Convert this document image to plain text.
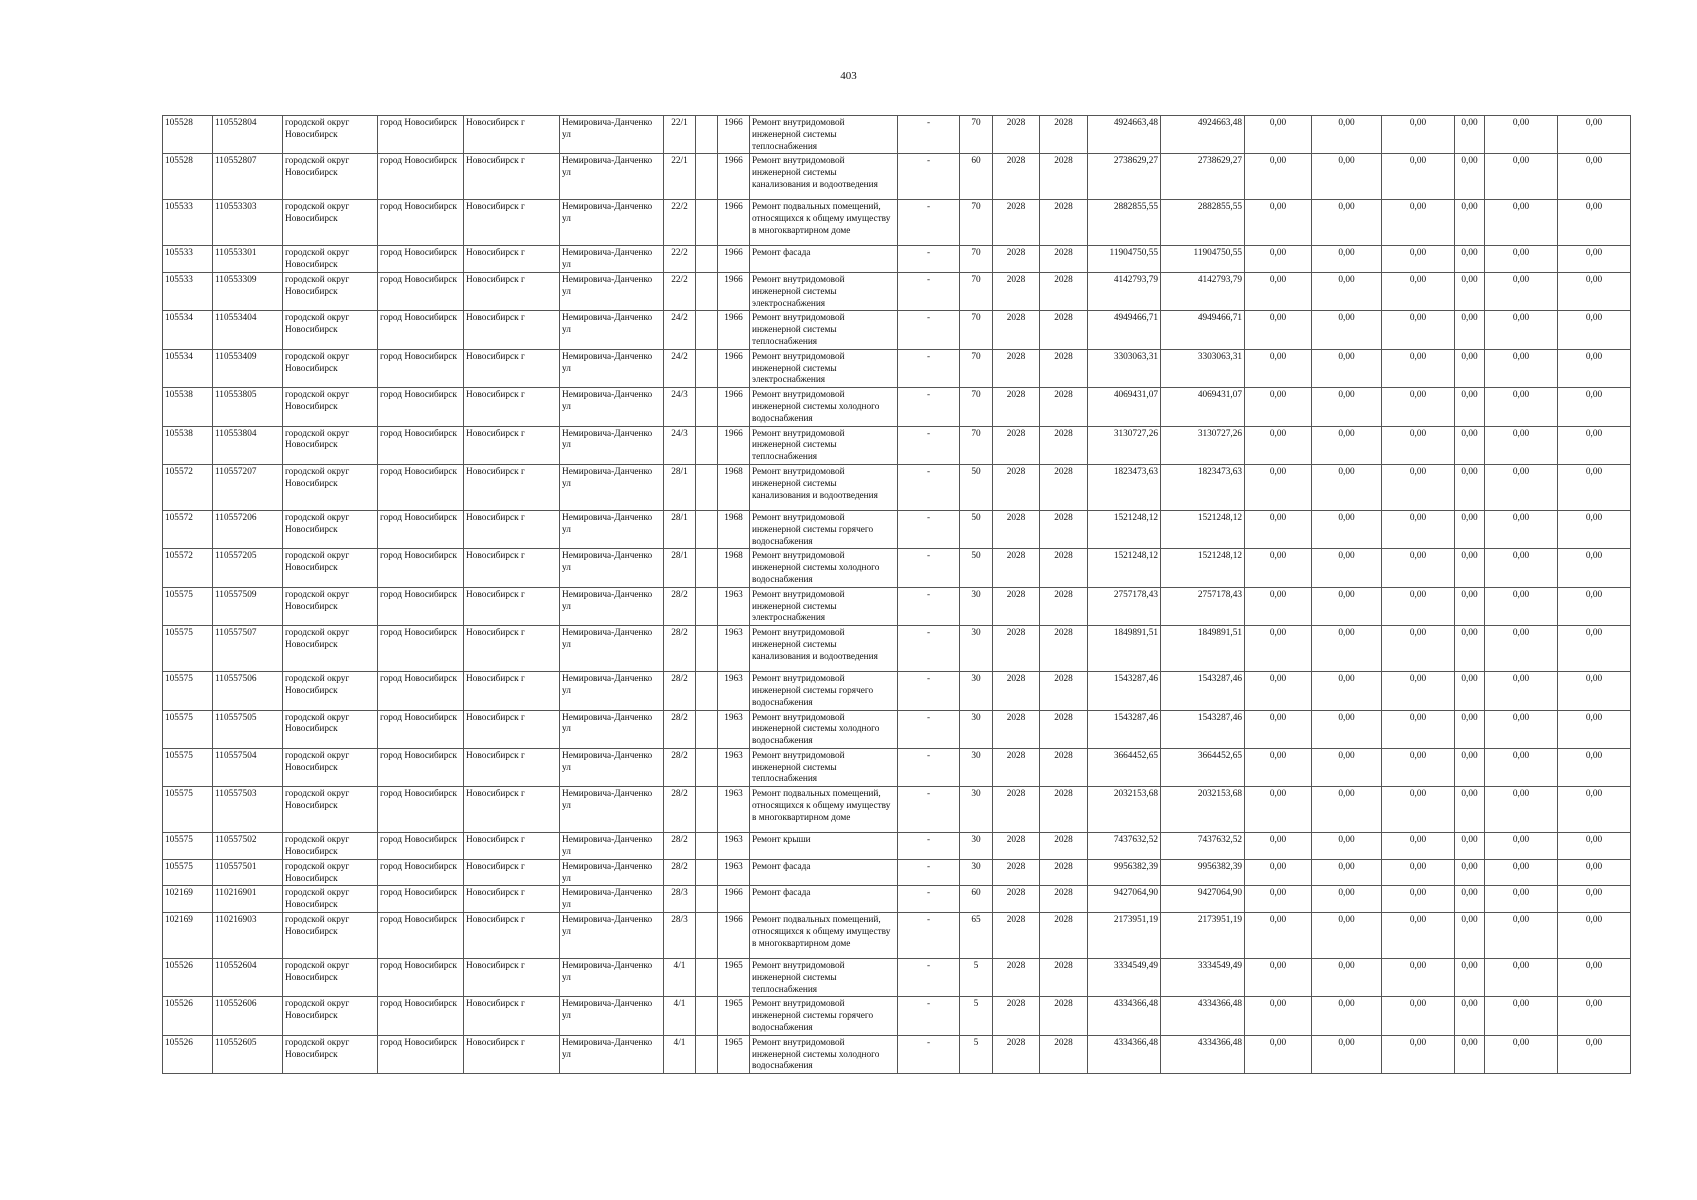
403
105528	110552804	городской округ Новосибирск	город Новосибирск	Новосибирск г	Немировича-Данченко ул	22/1		1966	Ремонт внутридомовой инженерной системы теплоснабжения	-	70	2028	2028	4924663,48	4924663,48	0,00	0,00	0,00	0,00	0,00	0,00
105528	110552807	городской округ Новосибирск	город Новосибирск	Новосибирск г	Немировича-Данченко ул	22/1		1966	Ремонт внутридомовой инженерной системы канализования и водоотведения	-	60	2028	2028	2738629,27	2738629,27	0,00	0,00	0,00	0,00	0,00	0,00
105533	110553303	городской округ Новосибирск	город Новосибирск	Новосибирск г	Немировича-Данченко ул	22/2		1966	Ремонт подвальных помещений, относящихся к общему имуществу в многоквартирном доме	-	70	2028	2028	2882855,55	2882855,55	0,00	0,00	0,00	0,00	0,00	0,00
105533	110553301	городской округ Новосибирск	город Новосибирск	Новосибирск г	Немировича-Данченко ул	22/2		1966	Ремонт фасада	-	70	2028	2028	11904750,55	11904750,55	0,00	0,00	0,00	0,00	0,00	0,00
105533	110553309	городской округ Новосибирск	город Новосибирск	Новосибирск г	Немировича-Данченко ул	22/2		1966	Ремонт внутридомовой инженерной системы электроснабжения	-	70	2028	2028	4142793,79	4142793,79	0,00	0,00	0,00	0,00	0,00	0,00
105534	110553404	городской округ Новосибирск	город Новосибирск	Новосибирск г	Немировича-Данченко ул	24/2		1966	Ремонт внутридомовой инженерной системы теплоснабжения	-	70	2028	2028	4949466,71	4949466,71	0,00	0,00	0,00	0,00	0,00	0,00
105534	110553409	городской округ Новосибирск	город Новосибирск	Новосибирск г	Немировича-Данченко ул	24/2		1966	Ремонт внутридомовой инженерной системы электроснабжения	-	70	2028	2028	3303063,31	3303063,31	0,00	0,00	0,00	0,00	0,00	0,00
105538	110553805	городской округ Новосибирск	город Новосибирск	Новосибирск г	Немировича-Данченко ул	24/3		1966	Ремонт внутридомовой инженерной системы холодного водоснабжения	-	70	2028	2028	4069431,07	4069431,07	0,00	0,00	0,00	0,00	0,00	0,00
105538	110553804	городской округ Новосибирск	город Новосибирск	Новосибирск г	Немировича-Данченко ул	24/3		1966	Ремонт внутридомовой инженерной системы теплоснабжения	-	70	2028	2028	3130727,26	3130727,26	0,00	0,00	0,00	0,00	0,00	0,00
105572	110557207	городской округ Новосибирск	город Новосибирск	Новосибирск г	Немировича-Данченко ул	28/1		1968	Ремонт внутридомовой инженерной системы канализования и водоотведения	-	50	2028	2028	1823473,63	1823473,63	0,00	0,00	0,00	0,00	0,00	0,00
105572	110557206	городской округ Новосибирск	город Новосибирск	Новосибирск г	Немировича-Данченко ул	28/1		1968	Ремонт внутридомовой инженерной системы горячего водоснабжения	-	50	2028	2028	1521248,12	1521248,12	0,00	0,00	0,00	0,00	0,00	0,00
105572	110557205	городской округ Новосибирск	город Новосибирск	Новосибирск г	Немировича-Данченко ул	28/1		1968	Ремонт внутридомовой инженерной системы холодного водоснабжения	-	50	2028	2028	1521248,12	1521248,12	0,00	0,00	0,00	0,00	0,00	0,00
105575	110557509	городской округ Новосибирск	город Новосибирск	Новосибирск г	Немировича-Данченко ул	28/2		1963	Ремонт внутридомовой инженерной системы электроснабжения	-	30	2028	2028	2757178,43	2757178,43	0,00	0,00	0,00	0,00	0,00	0,00
105575	110557507	городской округ Новосибирск	город Новосибирск	Новосибирск г	Немировича-Данченко ул	28/2		1963	Ремонт внутридомовой инженерной системы канализования и водоотведения	-	30	2028	2028	1849891,51	1849891,51	0,00	0,00	0,00	0,00	0,00	0,00
105575	110557506	городской округ Новосибирск	город Новосибирск	Новосибирск г	Немировича-Данченко ул	28/2		1963	Ремонт внутридомовой инженерной системы горячего водоснабжения	-	30	2028	2028	1543287,46	1543287,46	0,00	0,00	0,00	0,00	0,00	0,00
105575	110557505	городской округ Новосибирск	город Новосибирск	Новосибирск г	Немировича-Данченко ул	28/2		1963	Ремонт внутридомовой инженерной системы холодного водоснабжения	-	30	2028	2028	1543287,46	1543287,46	0,00	0,00	0,00	0,00	0,00	0,00
105575	110557504	городской округ Новосибирск	город Новосибирск	Новосибирск г	Немировича-Данченко ул	28/2		1963	Ремонт внутридомовой инженерной системы теплоснабжения	-	30	2028	2028	3664452,65	3664452,65	0,00	0,00	0,00	0,00	0,00	0,00
105575	110557503	городской округ Новосибирск	город Новосибирск	Новосибирск г	Немировича-Данченко ул	28/2		1963	Ремонт подвальных помещений, относящихся к общему имуществу в многоквартирном доме	-	30	2028	2028	2032153,68	2032153,68	0,00	0,00	0,00	0,00	0,00	0,00
105575	110557502	городской округ Новосибирск	город Новосибирск	Новосибирск г	Немировича-Данченко ул	28/2		1963	Ремонт крыши	-	30	2028	2028	7437632,52	7437632,52	0,00	0,00	0,00	0,00	0,00	0,00
105575	110557501	городской округ Новосибирск	город Новосибирск	Новосибирск г	Немировича-Данченко ул	28/2		1963	Ремонт фасада	-	30	2028	2028	9956382,39	9956382,39	0,00	0,00	0,00	0,00	0,00	0,00
102169	110216901	городской округ Новосибирск	город Новосибирск	Новосибирск г	Немировича-Данченко ул	28/3		1966	Ремонт фасада	-	60	2028	2028	9427064,90	9427064,90	0,00	0,00	0,00	0,00	0,00	0,00
102169	110216903	городской округ Новосибирск	город Новосибирск	Новосибирск г	Немировича-Данченко ул	28/3		1966	Ремонт подвальных помещений, относящихся к общему имуществу в многоквартирном доме	-	65	2028	2028	2173951,19	2173951,19	0,00	0,00	0,00	0,00	0,00	0,00
105526	110552604	городской округ Новосибирск	город Новосибирск	Новосибирск г	Немировича-Данченко ул	4/1		1965	Ремонт внутридомовой инженерной системы теплоснабжения	-	5	2028	2028	3334549,49	3334549,49	0,00	0,00	0,00	0,00	0,00	0,00
105526	110552606	городской округ Новосибирск	город Новосибирск	Новосибирск г	Немировича-Данченко ул	4/1		1965	Ремонт внутридомовой инженерной системы горячего водоснабжения	-	5	2028	2028	4334366,48	4334366,48	0,00	0,00	0,00	0,00	0,00	0,00
105526	110552605	городской округ Новосибирск	город Новосибирск	Новосибирск г	Немировича-Данченко ул	4/1		1965	Ремонт внутридомовой инженерной системы холодного водоснабжения	-	5	2028	2028	4334366,48	4334366,48	0,00	0,00	0,00	0,00	0,00	0,00
